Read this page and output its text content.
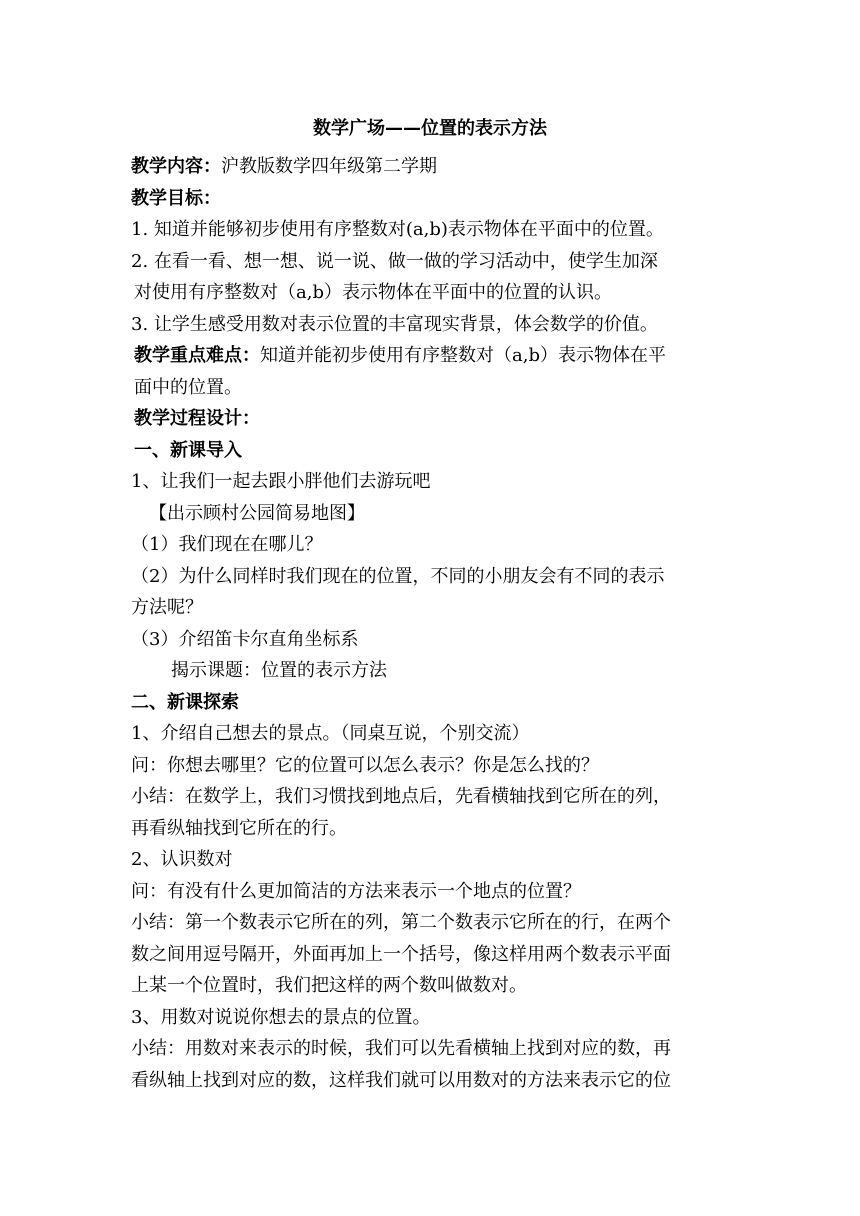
数学广场——位置的表示方法
教学内容：沪教版数学四年级第二学期
教学目标：
1. 知道并能够初步使用有序整数对(a,b)表示物体在平面中的位置。
2. 在看一看、想一想、说一说、做一做的学习活动中，使学生加深
对使用有序整数对（a,b）表示物体在平面中的位置的认识。
3. 让学生感受用数对表示位置的丰富现实背景，体会数学的价值。
教学重点难点：知道并能初步使用有序整数对（a,b）表示物体在平
面中的位置。
教学过程设计：
一、新课导入
1、让我们一起去跟小胖他们去游玩吧
【出示顾村公园简易地图】
（1）我们现在在哪儿？
（2）为什么同样时我们现在的位置，不同的小朋友会有不同的表示
方法呢？
（3）介绍笛卡尔直角坐标系
揭示课题：位置的表示方法
二、新课探索
1、介绍自己想去的景点。（同桌互说，个别交流）
问：你想去哪里？它的位置可以怎么表示？你是怎么找的？
小结：在数学上，我们习惯找到地点后，先看横轴找到它所在的列，
再看纵轴找到它所在的行。
2、认识数对
问：有没有什么更加简洁的方法来表示一个地点的位置？
小结：第一个数表示它所在的列，第二个数表示它所在的行，在两个
数之间用逗号隔开，外面再加上一个括号，像这样用两个数表示平面
上某一个位置时，我们把这样的两个数叫做数对。
3、用数对说说你想去的景点的位置。
小结：用数对来表示的时候，我们可以先看横轴上找到对应的数，再
看纵轴上找到对应的数，这样我们就可以用数对的方法来表示它的位
